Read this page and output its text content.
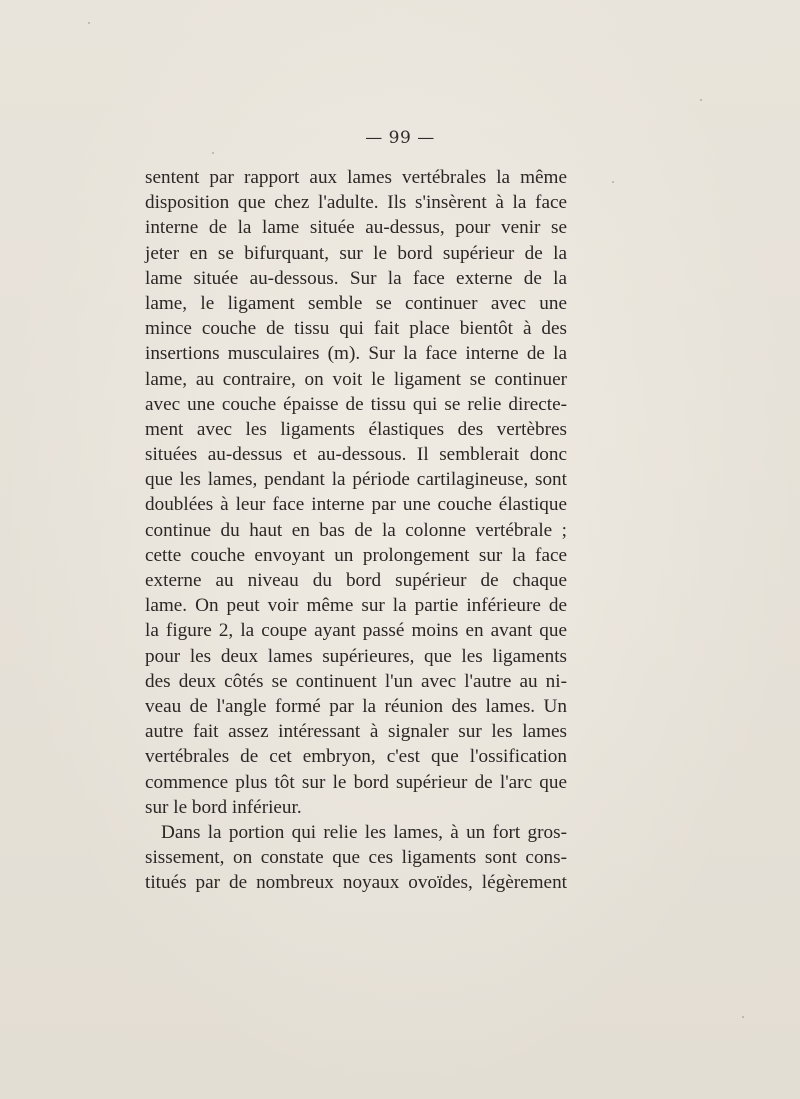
— 99 —
sentent par rapport aux lames vertébrales la même
disposition que chez l'adulte. Ils s'insèrent à la face
interne de la lame située au-dessus, pour venir se
jeter en se bifurquant, sur le bord supérieur de la
lame située au-dessous. Sur la face externe de la
lame, le ligament semble se continuer avec une
mince couche de tissu qui fait place bientôt à des
insertions musculaires (m). Sur la face interne de la
lame, au contraire, on voit le ligament se continuer
avec une couche épaisse de tissu qui se relie directe-
ment avec les ligaments élastiques des vertèbres
situées au-dessus et au-dessous. Il semblerait donc
que les lames, pendant la période cartilagineuse, sont
doublées à leur face interne par une couche élastique
continue du haut en bas de la colonne vertébrale ;
cette couche envoyant un prolongement sur la face
externe au niveau du bord supérieur de chaque
lame. On peut voir même sur la partie inférieure de
la figure 2, la coupe ayant passé moins en avant que
pour les deux lames supérieures, que les ligaments
des deux côtés se continuent l'un avec l'autre au ni-
veau de l'angle formé par la réunion des lames. Un
autre fait assez intéressant à signaler sur les lames
vertébrales de cet embryon, c'est que l'ossification
commence plus tôt sur le bord supérieur de l'arc que
sur le bord inférieur.
Dans la portion qui relie les lames, à un fort gros-
sissement, on constate que ces ligaments sont cons-
titués par de nombreux noyaux ovoïdes, légèrement
